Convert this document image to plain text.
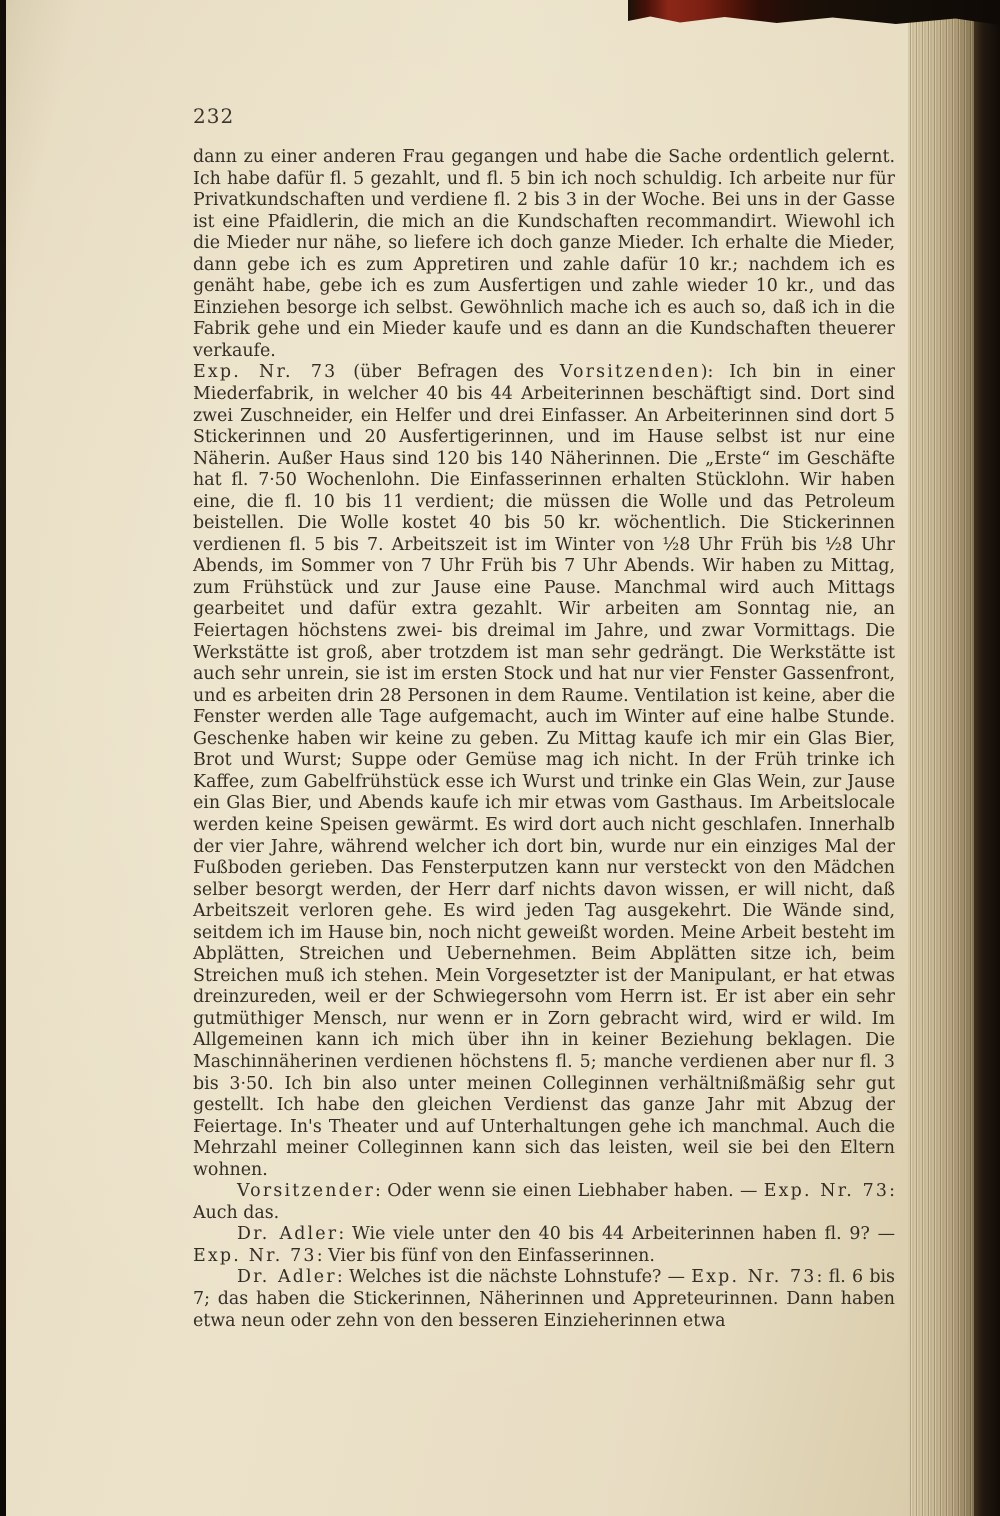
232

dann zu einer anderen Frau gegangen und habe die Sache ordentlich gelernt. Ich habe dafür fl. 5 gezahlt, und fl. 5 bin ich noch schuldig. Ich arbeite nur für Privatkundschaften und verdiene fl. 2 bis 3 in der Woche. Bei uns in der Gasse ist eine Pfaidlerin, die mich an die Kundschaften recommandirt. Wiewohl ich die Mieder nur nähe, so liefere ich doch ganze Mieder. Ich erhalte die Mieder, dann gebe ich es zum Appretiren und zahle dafür 10 kr.; nachdem ich es genäht habe, gebe ich es zum Ausfertigen und zahle wieder 10 kr., und das Einziehen besorge ich selbst. Gewöhnlich mache ich es auch so, daß ich in die Fabrik gehe und ein Mieder kaufe und es dann an die Kundschaften theuerer verkaufe.

Exp. Nr. 73 (über Befragen des Vorsitzenden): Ich bin in einer Miederfabrik, in welcher 40 bis 44 Arbeiterinnen beschäftigt sind. Dort sind zwei Zuschneider, ein Helfer und drei Einfasser. An Arbeiterinnen sind dort 5 Stickerinnen und 20 Ausfertigerinnen, und im Hause selbst ist nur eine Näherin. Außer Haus sind 120 bis 140 Näherinnen. Die „Erste“ im Geschäfte hat fl. 7·50 Wochenlohn. Die Einfasserinnen erhalten Stücklohn. Wir haben eine, die fl. 10 bis 11 verdient; die müssen die Wolle und das Petroleum beistellen. Die Wolle kostet 40 bis 50 kr. wöchentlich. Die Stickerinnen verdienen fl. 5 bis 7. Arbeitszeit ist im Winter von ½8 Uhr Früh bis ½8 Uhr Abends, im Sommer von 7 Uhr Früh bis 7 Uhr Abends. Wir haben zu Mittag, zum Frühstück und zur Jause eine Pause. Manchmal wird auch Mittags gearbeitet und dafür extra gezahlt. Wir arbeiten am Sonntag nie, an Feiertagen höchstens zwei- bis dreimal im Jahre, und zwar Vormittags. Die Werkstätte ist groß, aber trotzdem ist man sehr gedrängt. Die Werkstätte ist auch sehr unrein, sie ist im ersten Stock und hat nur vier Fenster Gassenfront, und es arbeiten drin 28 Personen in dem Raume. Ventilation ist keine, aber die Fenster werden alle Tage aufgemacht, auch im Winter auf eine halbe Stunde. Geschenke haben wir keine zu geben. Zu Mittag kaufe ich mir ein Glas Bier, Brot und Wurst; Suppe oder Gemüse mag ich nicht. In der Früh trinke ich Kaffee, zum Gabelfrühstück esse ich Wurst und trinke ein Glas Wein, zur Jause ein Glas Bier, und Abends kaufe ich mir etwas vom Gasthaus. Im Arbeitslocale werden keine Speisen gewärmt. Es wird dort auch nicht geschlafen. Innerhalb der vier Jahre, während welcher ich dort bin, wurde nur ein einziges Mal der Fußboden gerieben. Das Fensterputzen kann nur versteckt von den Mädchen selber besorgt werden, der Herr darf nichts davon wissen, er will nicht, daß Arbeitszeit verloren gehe. Es wird jeden Tag ausgekehrt. Die Wände sind, seitdem ich im Hause bin, noch nicht geweißt worden. Meine Arbeit besteht im Abplätten, Streichen und Uebernehmen. Beim Abplätten sitze ich, beim Streichen muß ich stehen. Mein Vorgesetzter ist der Manipulant, er hat etwas dreinzureden, weil er der Schwiegersohn vom Herrn ist. Er ist aber ein sehr gutmüthiger Mensch, nur wenn er in Zorn gebracht wird, wird er wild. Im Allgemeinen kann ich mich über ihn in keiner Beziehung beklagen. Die Maschinnäherinen verdienen höchstens fl. 5; manche verdienen aber nur fl. 3 bis 3·50. Ich bin also unter meinen Colleginnen verhältnißmäßig sehr gut gestellt. Ich habe den gleichen Verdienst das ganze Jahr mit Abzug der Feiertage. In's Theater und auf Unterhaltungen gehe ich manchmal. Auch die Mehrzahl meiner Colleginnen kann sich das leisten, weil sie bei den Eltern wohnen.

Vorsitzender: Oder wenn sie einen Liebhaber haben. — Exp. Nr. 73: Auch das.

Dr. Adler: Wie viele unter den 40 bis 44 Arbeiterinnen haben fl. 9? — Exp. Nr. 73: Vier bis fünf von den Einfasserinnen.

Dr. Adler: Welches ist die nächste Lohnstufe? — Exp. Nr. 73: fl. 6 bis 7; das haben die Stickerinnen, Näherinnen und Appreteurinnen. Dann haben etwa neun oder zehn von den besseren Einzieherinnen etwa
